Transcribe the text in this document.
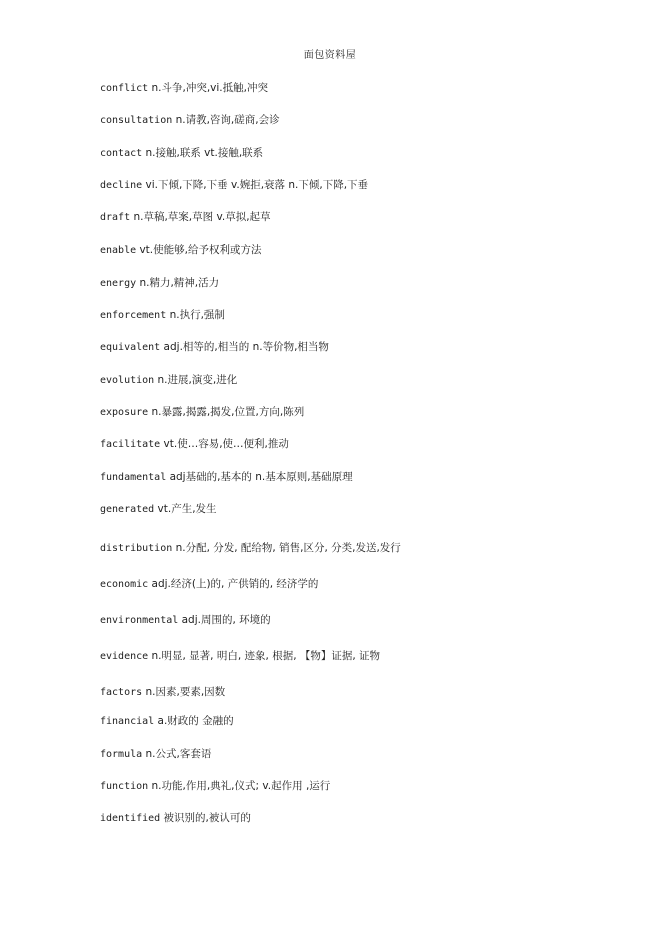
面包资料屋
conflict n.斗争,冲突,vi.抵触,冲突
consultation n.请教,咨询,磋商,会诊
contact n.接触,联系 vt.接触,联系
decline vi.下倾,下降,下垂 v.婉拒,衰落 n.下倾,下降,下垂
draft n.草稿,草案,草图 v.草拟,起草
enable vt.使能够,给予权利或方法
energy n.精力,精神,活力
enforcement n.执行,强制
equivalent adj.相等的,相当的 n.等价物,相当物
evolution n.进展,演变,进化
exposure n.暴露,揭露,揭发,位置,方向,陈列
facilitate vt.使…容易,使…便利,推动
fundamental adj基础的,基本的 n.基本原则,基础原理
generated vt.产生,发生
distribution n.分配, 分发, 配给物, 销售,区分, 分类,发送,发行
economic adj.经济(上)的, 产供销的, 经济学的
environmental adj.周围的, 环境的
evidence n.明显, 显著, 明白, 迹象, 根据, 【物】证据, 证物
factors n.因素,要素,因数
financial a.财政的 金融的
formula n.公式,客套语
function n.功能,作用,典礼,仪式; v.起作用 ,运行
identified 被识别的,被认可的
